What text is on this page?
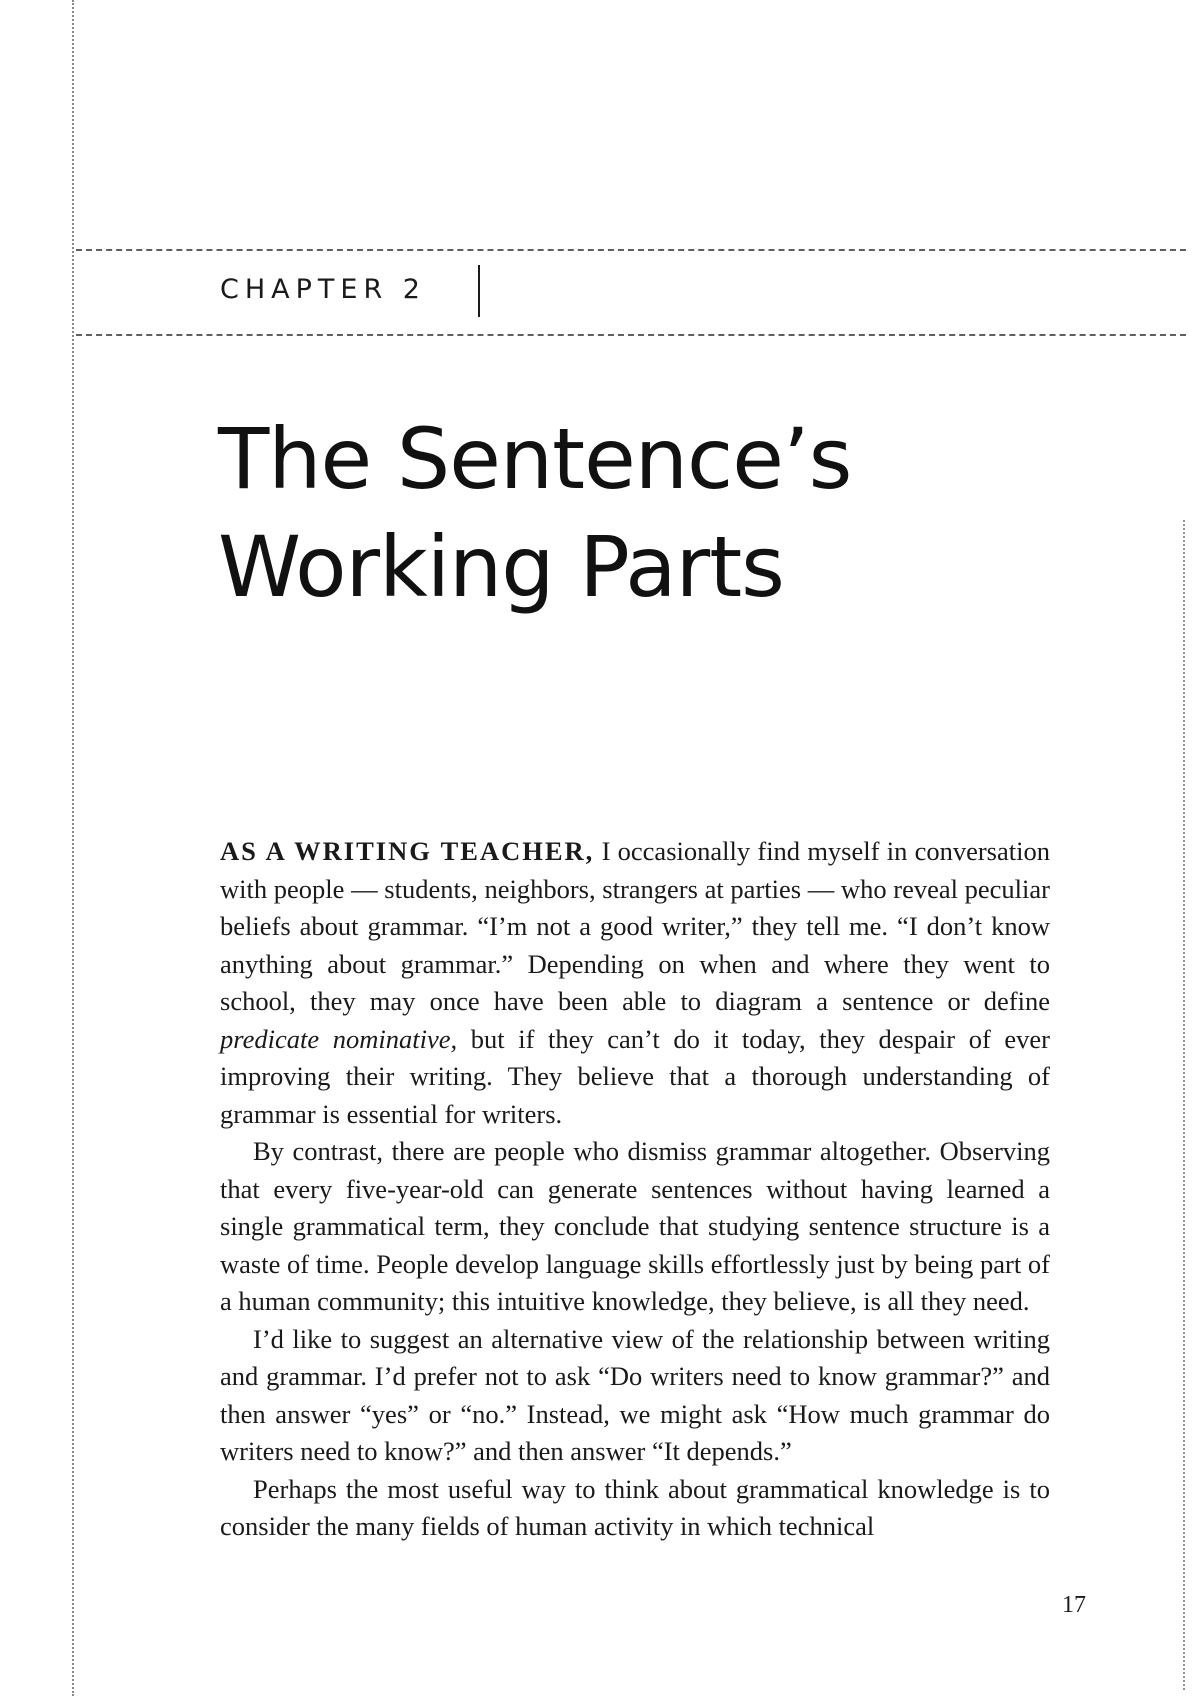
CHAPTER 2
The Sentence’s
Working Parts

AS A WRITING TEACHER, I occasionally find myself in conversation with people — students, neighbors, strangers at parties — who reveal peculiar beliefs about grammar. “I’m not a good writer,” they tell me. “I don’t know anything about grammar.” Depending on when and where they went to school, they may once have been able to diagram a sentence or define predicate nominative, but if they can’t do it today, they despair of ever improving their writing. They believe that a thorough understanding of grammar is essential for writers.

By contrast, there are people who dismiss grammar altogether. Observing that every five-year-old can generate sentences without having learned a single grammatical term, they conclude that studying sentence structure is a waste of time. People develop language skills effortlessly just by being part of a human community; this intuitive knowledge, they believe, is all they need.

I’d like to suggest an alternative view of the relationship between writing and grammar. I’d prefer not to ask “Do writers need to know grammar?” and then answer “yes” or “no.” Instead, we might ask “How much grammar do writers need to know?” and then answer “It depends.”

Perhaps the most useful way to think about grammatical knowledge is to consider the many fields of human activity in which technical

17
